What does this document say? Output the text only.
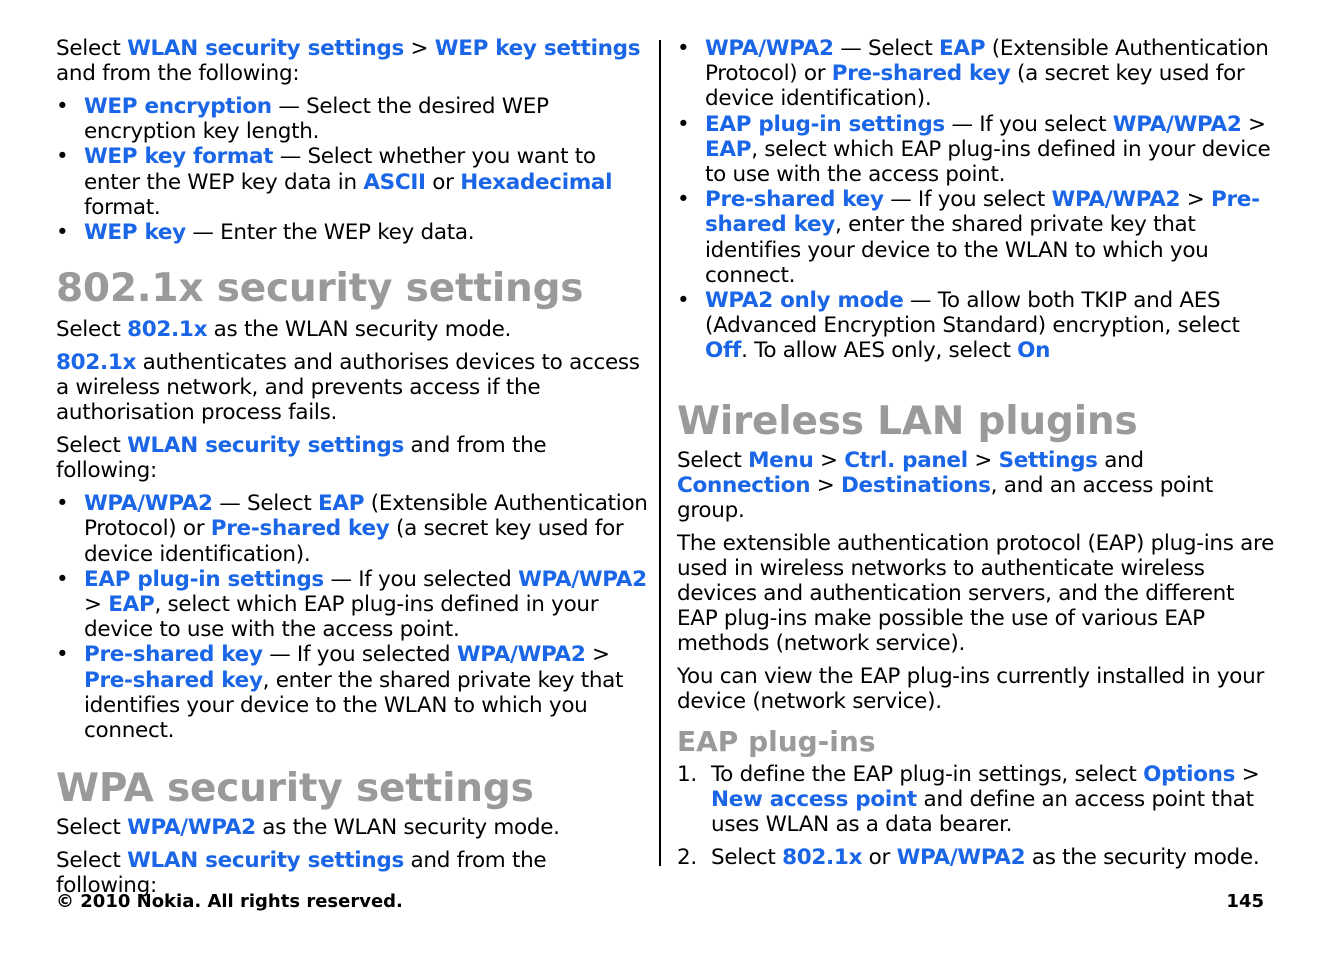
Select WLAN security settings > WEP key settings and from the following:

• WEP encryption — Select the desired WEP encryption key length.
• WEP key format — Select whether you want to enter the WEP key data in ASCII or Hexadecimal format.
• WEP key — Enter the WEP key data.
802.1x security settings

Select 802.1x as the WLAN security mode.

802.1x authenticates and authorises devices to access a wireless network, and prevents access if the authorisation process fails.

Select WLAN security settings and from the following:

• WPA/WPA2 — Select EAP (Extensible Authentication Protocol) or Pre-shared key (a secret key used for device identification).
• EAP plug-in settings — If you selected WPA/WPA2 > EAP, select which EAP plug-ins defined in your device to use with the access point.
• Pre-shared key — If you selected WPA/WPA2 > Pre-shared key, enter the shared private key that identifies your device to the WLAN to which you connect.
WPA security settings

Select WPA/WPA2 as the WLAN security mode.

Select WLAN security settings and from the following:

• WPA/WPA2 — Select EAP (Extensible Authentication Protocol) or Pre-shared key (a secret key used for device identification).
• EAP plug-in settings — If you select WPA/WPA2 > EAP, select which EAP plug-ins defined in your device to use with the access point.
• Pre-shared key — If you select WPA/WPA2 > Pre-shared key, enter the shared private key that identifies your device to the WLAN to which you connect.
• WPA2 only mode — To allow both TKIP and AES (Advanced Encryption Standard) encryption, select Off. To allow AES only, select On
Wireless LAN plugins

Select Menu > Ctrl. panel > Settings and Connection > Destinations, and an access point group.

The extensible authentication protocol (EAP) plug-ins are used in wireless networks to authenticate wireless devices and authentication servers, and the different EAP plug-ins make possible the use of various EAP methods (network service).

You can view the EAP plug-ins currently installed in your device (network service).

EAP plug-ins
1. To define the EAP plug-in settings, select Options > New access point and define an access point that uses WLAN as a data bearer.
2. Select 802.1x or WPA/WPA2 as the security mode.
© 2010 Nokia. All rights reserved.	145
